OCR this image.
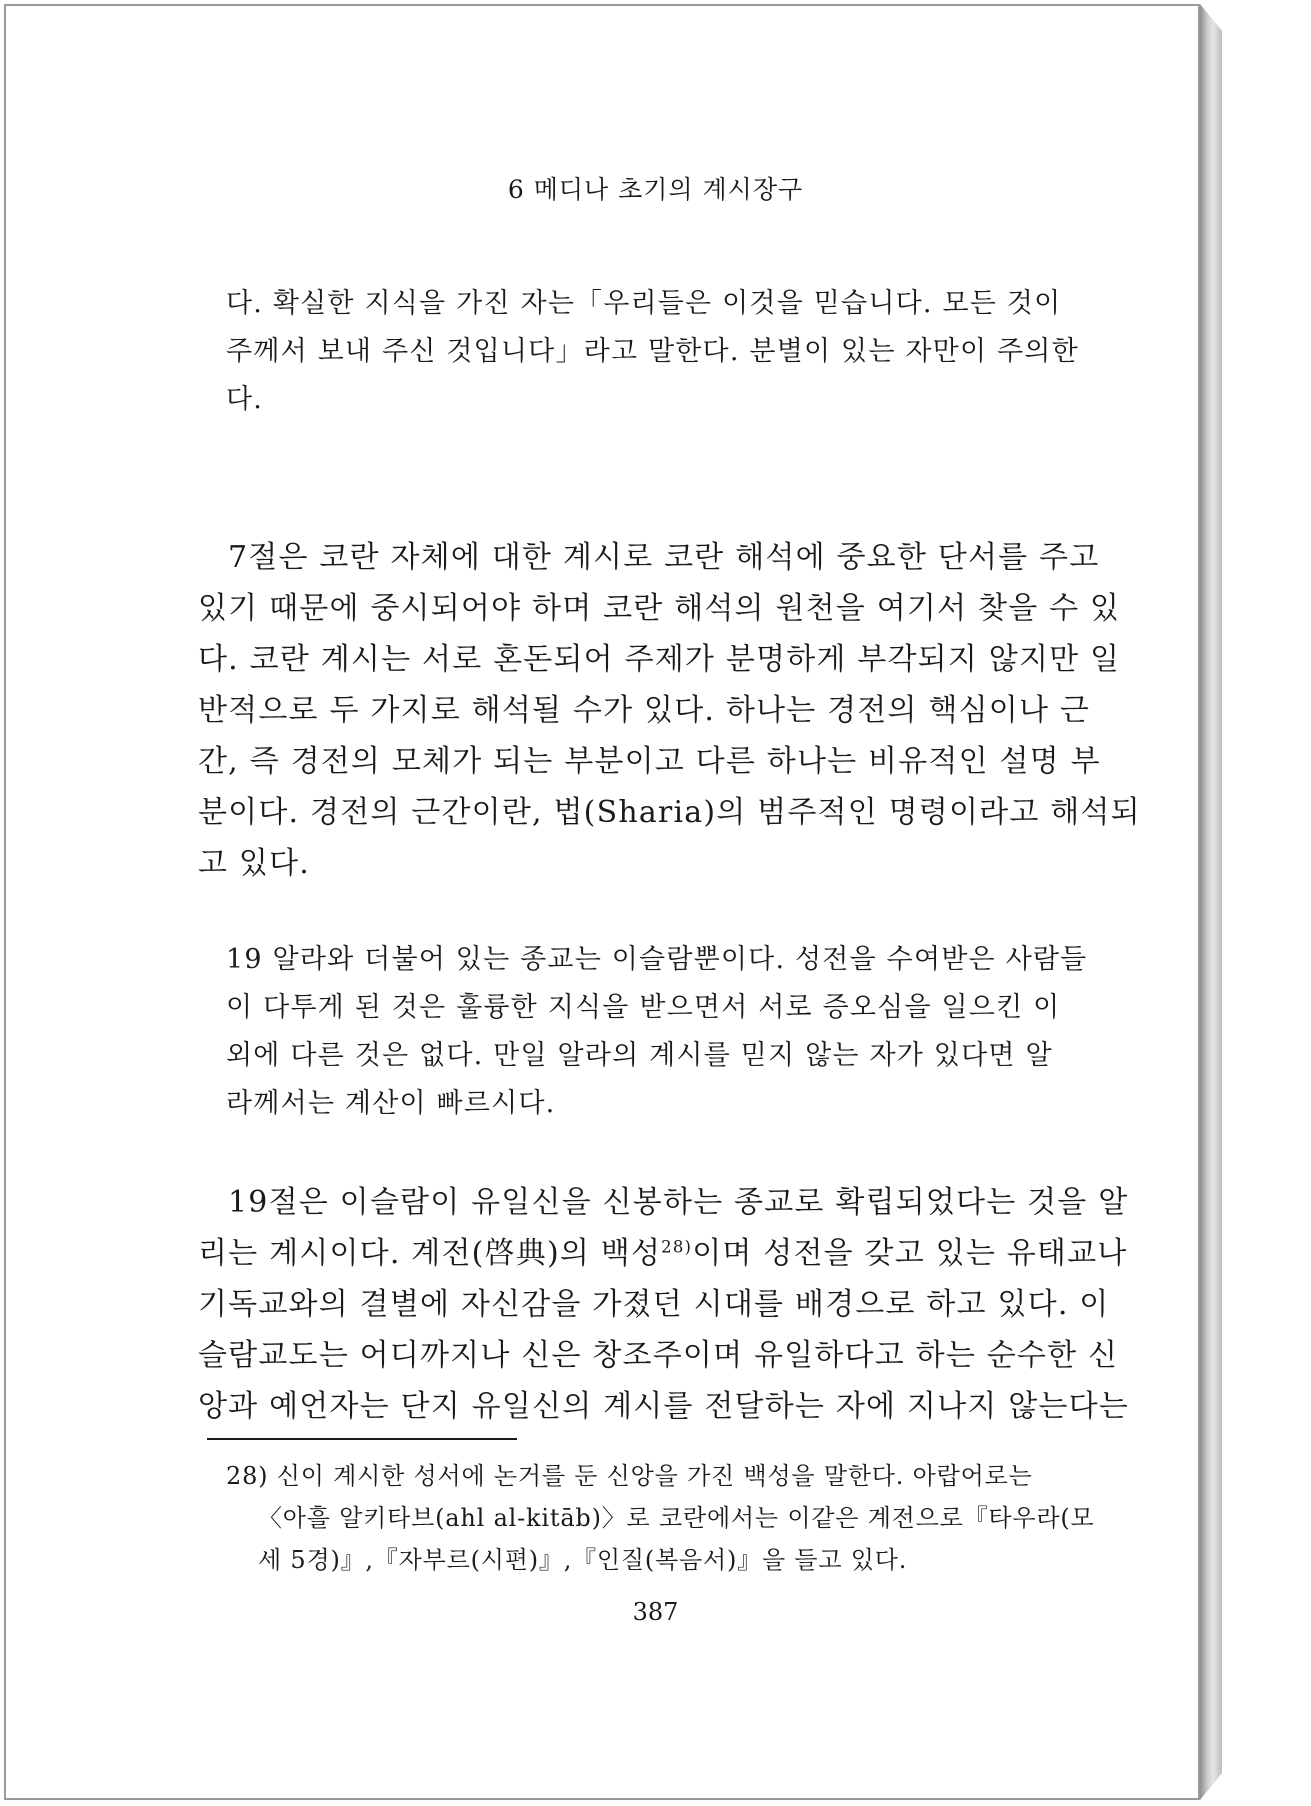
6 메디나 초기의 계시장구
다. 확실한 지식을 가진 자는「우리들은 이것을 믿습니다. 모든 것이
주께서 보내 주신 것입니다」라고 말한다. 분별이 있는 자만이 주의한
다.
7절은 코란 자체에 대한 계시로 코란 해석에 중요한 단서를 주고
있기 때문에 중시되어야 하며 코란 해석의 원천을 여기서 찾을 수 있
다. 코란 계시는 서로 혼돈되어 주제가 분명하게 부각되지 않지만 일
반적으로 두 가지로 해석될 수가 있다. 하나는 경전의 핵심이나 근
간, 즉 경전의 모체가 되는 부분이고 다른 하나는 비유적인 설명 부
분이다. 경전의 근간이란, 법(Sharia)의 범주적인 명령이라고 해석되
고 있다.
19 알라와 더불어 있는 종교는 이슬람뿐이다. 성전을 수여받은 사람들
이 다투게 된 것은 훌륭한 지식을 받으면서 서로 증오심을 일으킨 이
외에 다른 것은 없다. 만일 알라의 계시를 믿지 않는 자가 있다면 알
라께서는 계산이 빠르시다.
19절은 이슬람이 유일신을 신봉하는 종교로 확립되었다는 것을 알
리는 계시이다. 계전(啓典)의 백성$^{28)}$이며 성전을 갖고 있는 유태교나
기독교와의 결별에 자신감을 가졌던 시대를 배경으로 하고 있다. 이
슬람교도는 어디까지나 신은 창조주이며 유일하다고 하는 순수한 신
앙과 예언자는 단지 유일신의 계시를 전달하는 자에 지나지 않는다는
28) 신이 계시한 성서에 논거를 둔 신앙을 가진 백성을 말한다. 아랍어로는
〈아흘 알키타브(ahl al-kitāb)〉로 코란에서는 이같은 계전으로『타우라(모
세 5경)』,『자부르(시편)』,『인질(복음서)』을 들고 있다.
387
